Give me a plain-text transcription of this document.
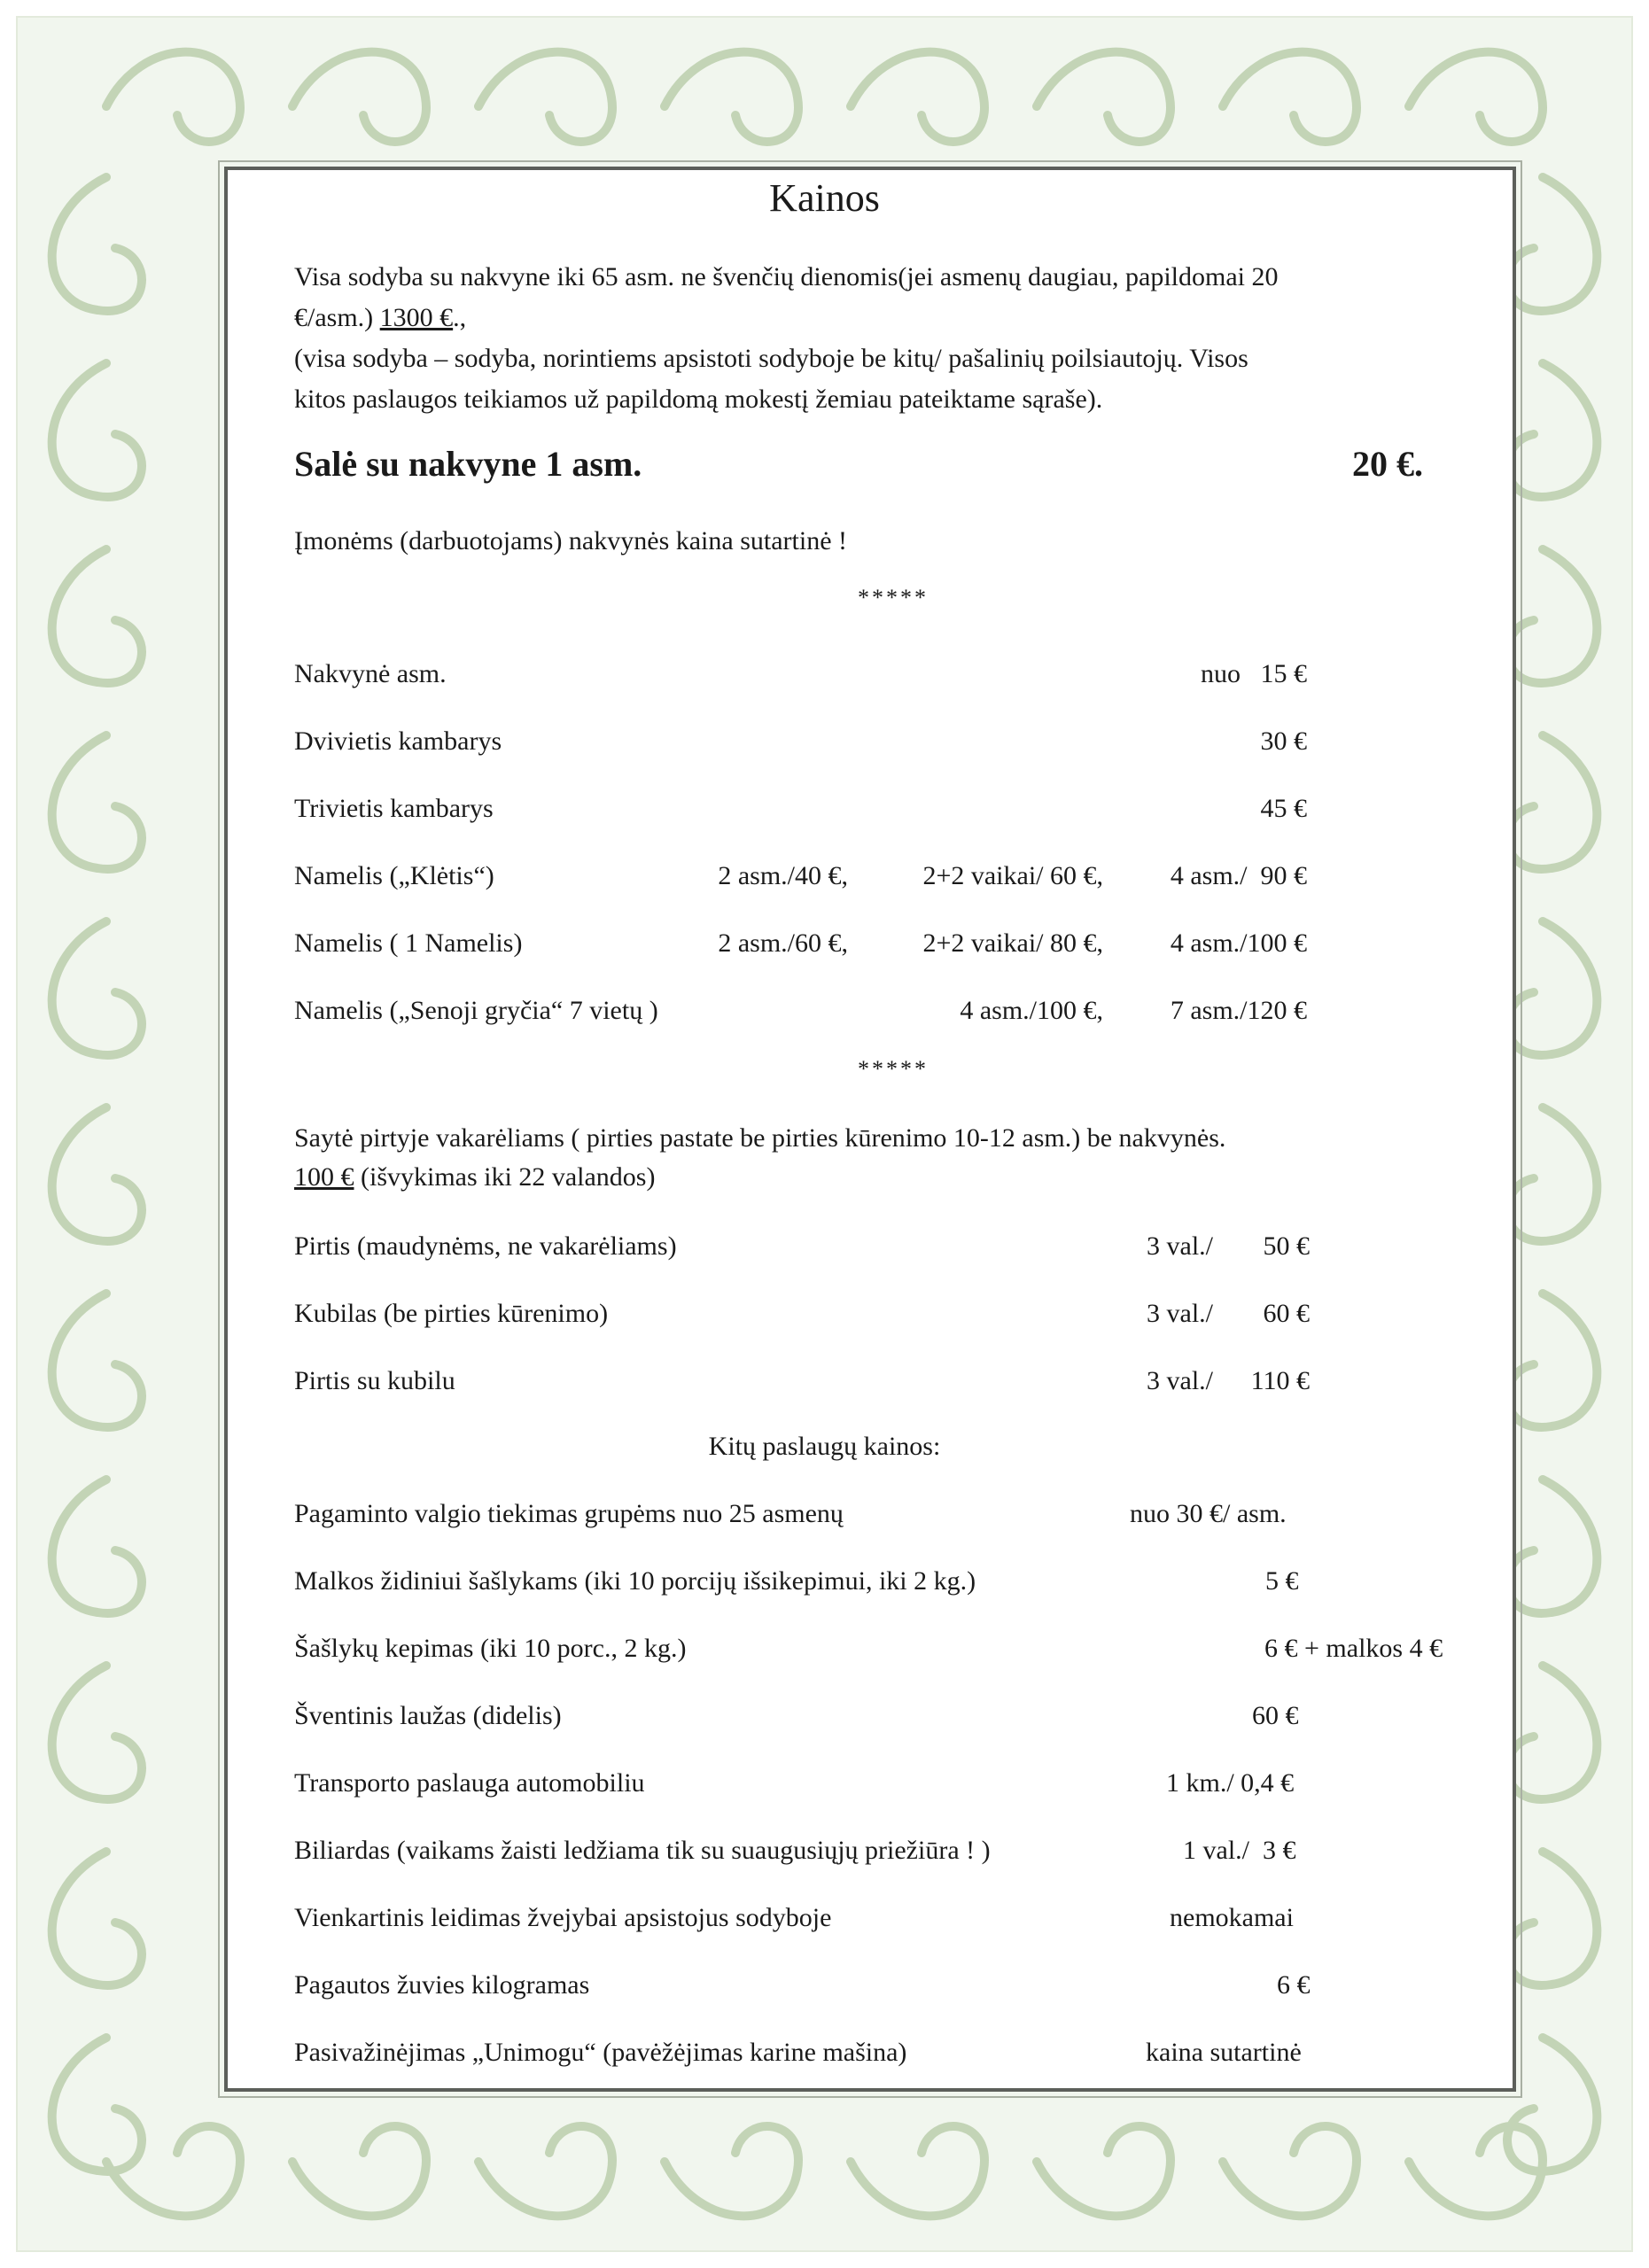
Kainos
Visa sodyba su nakvyne iki 65 asm. ne švenčių dienomis(jei asmenų daugiau, papildomai 20
€/asm.) 1300 €.,
(visa sodyba – sodyba, norintiems apsistoti sodyboje be kitų/ pašalinių poilsiautojų. Visos
kitos paslaugos teikiamos už papildomą mokestį žemiau pateiktame sąraše).
Salė su nakvyne 1 asm.	20 €.
Įmonėms (darbuotojams) nakvynės kaina sutartinė !
*****
Nakvynė asm.	nuo   15 €
Dvivietis kambarys	30 €
Trivietis kambarys	45 €
Namelis („Klėtis“)	2 asm./40 €,	2+2 vaikai/ 60 €,	4 asm./  90 €
Namelis ( 1 Namelis)	2 asm./60 €,	2+2 vaikai/ 80 €,	4 asm./100 €
Namelis („Senoji gryčia“ 7 vietų )	4 asm./100 €,	7 asm./120 €
*****
Saytė pirtyje vakarėliams ( pirties pastate be pirties kūrenimo 10-12 asm.) be nakvynės.
100 € (išvykimas iki 22 valandos)
Pirtis (maudynėms, ne vakarėliams)	3 val./ 50 €
Kubilas (be pirties kūrenimo)	3 val./ 60 €
Pirtis su kubilu	3 val./ 110 €
Kitų paslaugų kainos:
Pagaminto valgio tiekimas grupėms nuo 25 asmenų	nuo 30 €/ asm.
Malkos židiniui šašlykams (iki 10 porcijų išsikepimui, iki 2 kg.)	5 €
Šašlykų kepimas (iki 10 porc., 2 kg.)	6 € + malkos 4 €
Šventinis laužas (didelis)	60 €
Transporto paslauga automobiliu	1 km./ 0,4 €
Biliardas (vaikams žaisti ledžiama tik su suaugusiųjų priežiūra ! )	1 val./  3 €
Vienkartinis leidimas žvejybai apsistojus sodyboje	nemokamai
Pagautos žuvies kilogramas	6 €
Pasivažinėjimas „Unimogu“ (pavėžėjimas karine mašina)	kaina sutartinė
